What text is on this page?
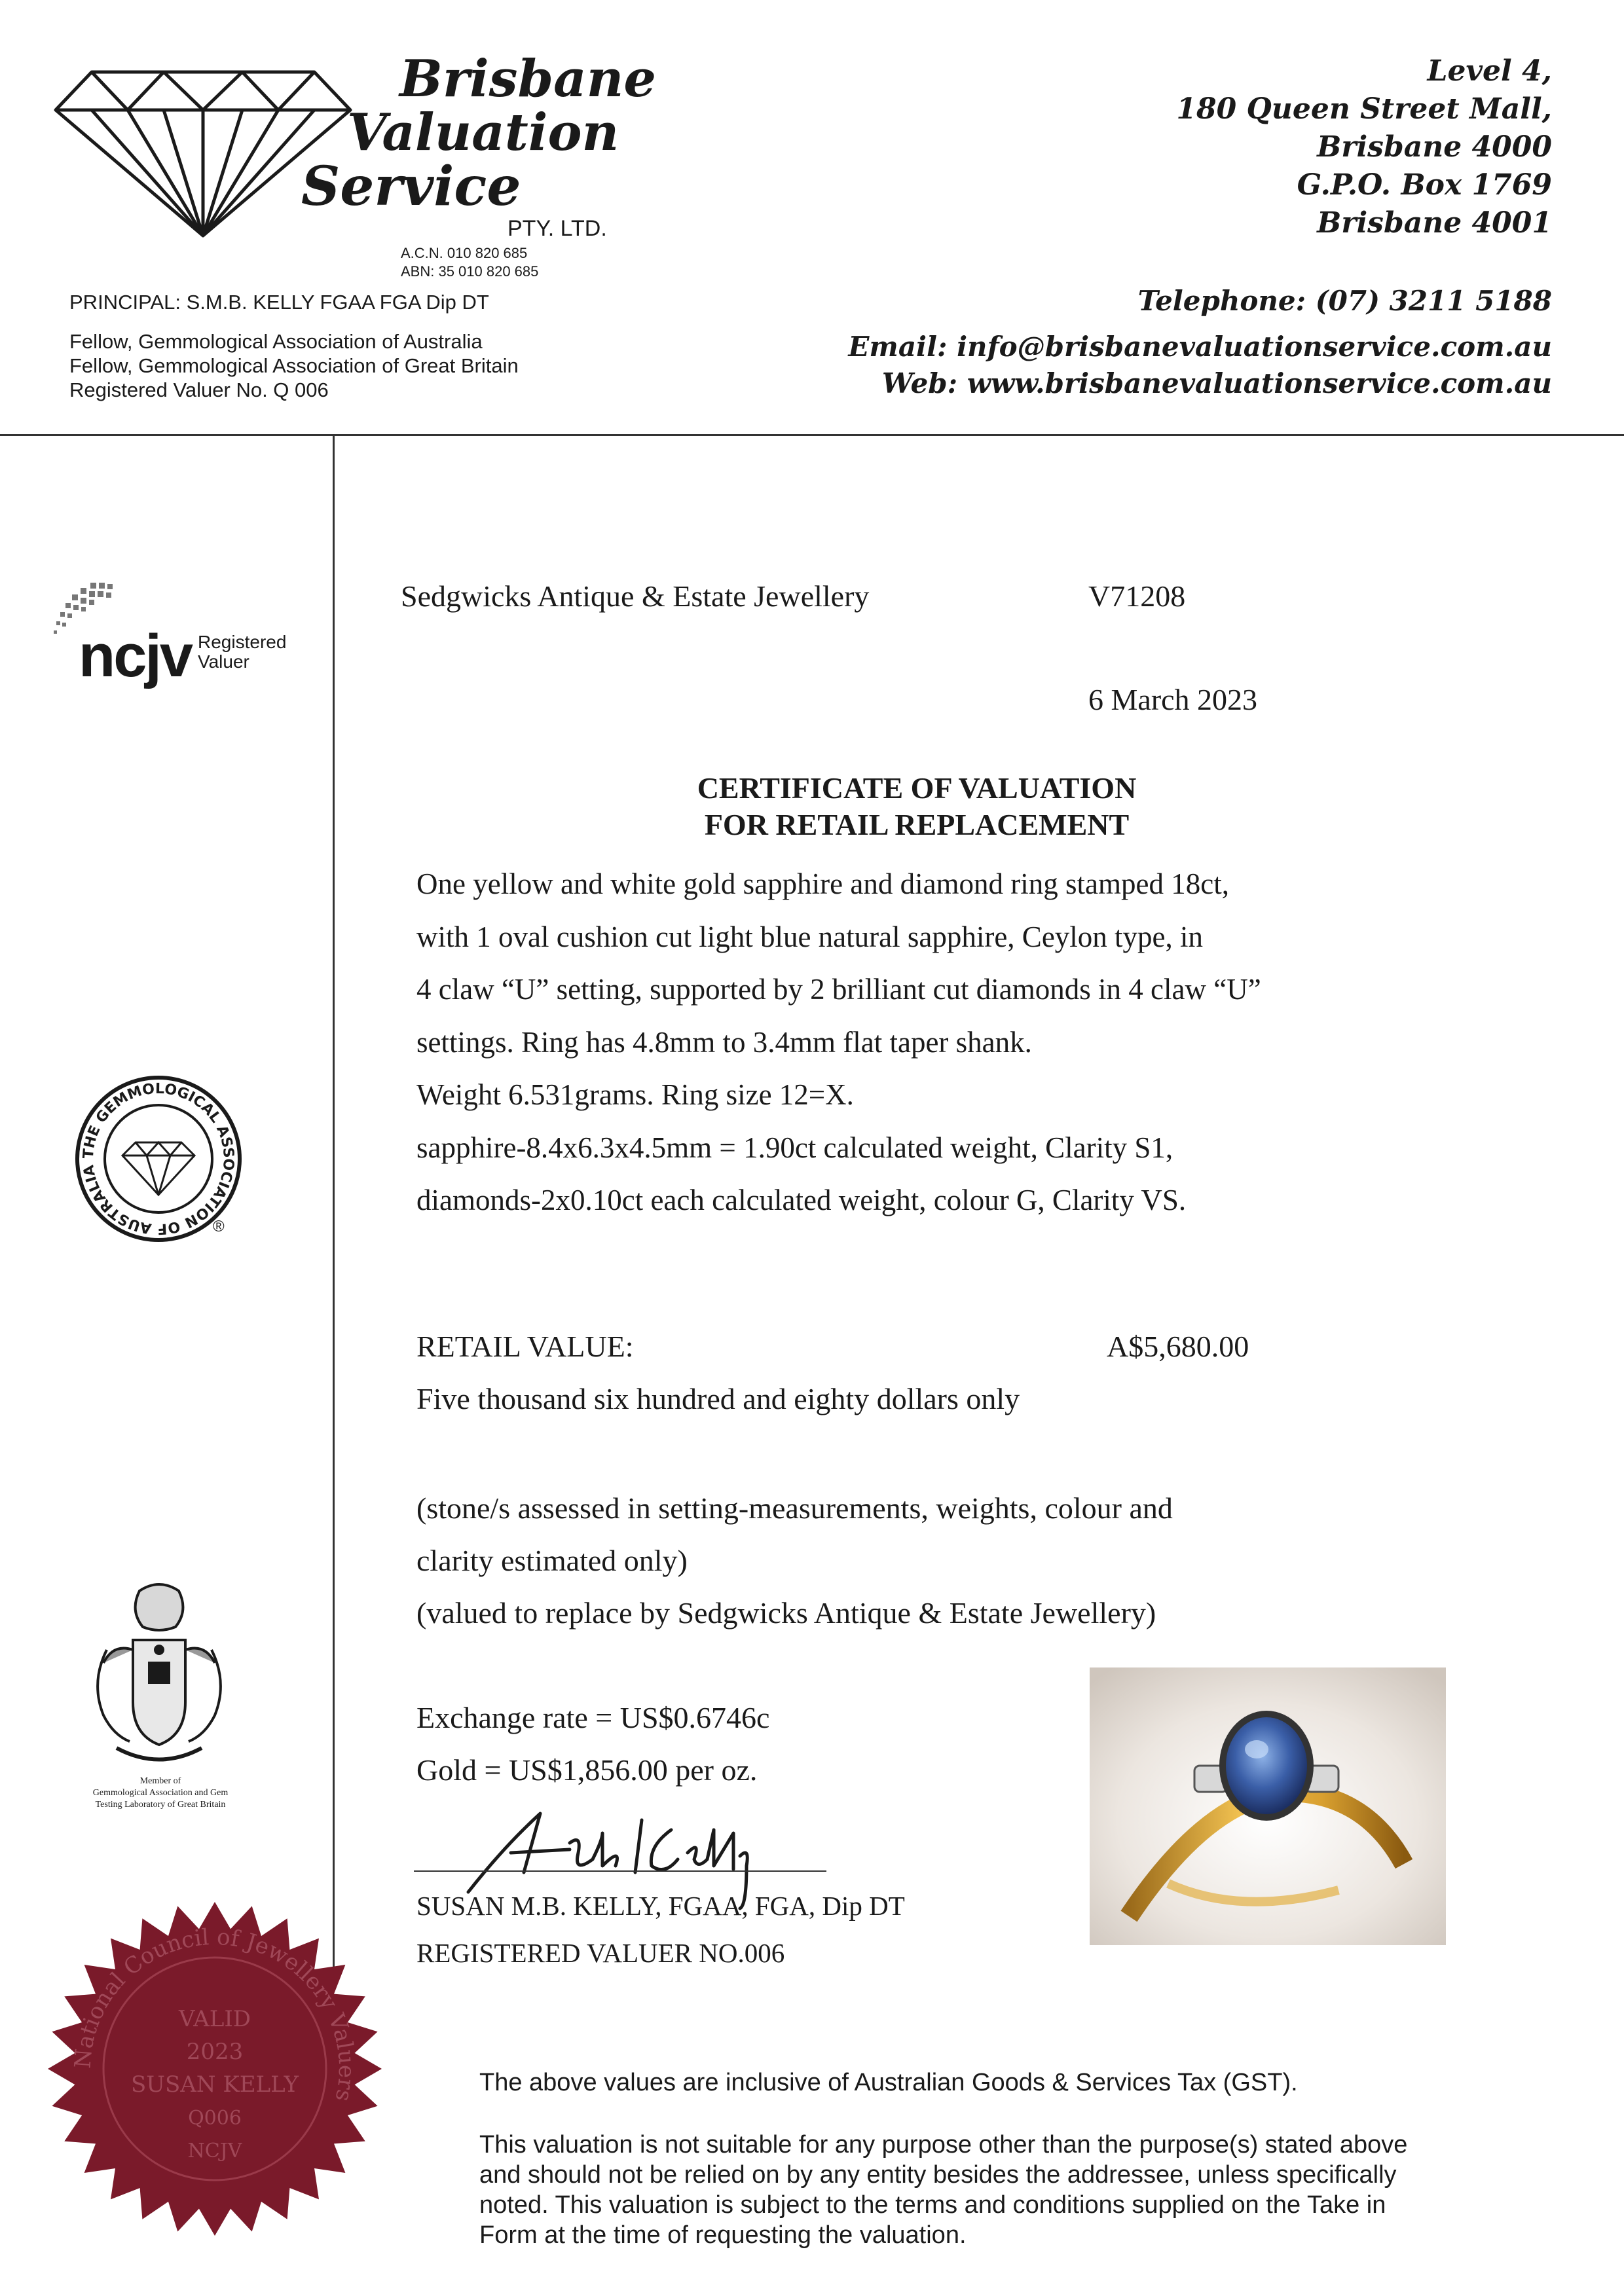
Brisbane
Valuation
Service
PTY. LTD.
A.C.N. 010 820 685
ABN: 35 010 820 685
PRINCIPAL: S.M.B. KELLY FGAA FGA Dip DT
Fellow, Gemmological Association of Australia
Fellow, Gemmological Association of Great Britain
Registered Valuer No. Q 006
Level 4,
180 Queen Street Mall,
Brisbane 4000
G.P.O. Box 1769
Brisbane 4001
Telephone: (07) 3211 5188
Email: info@brisbanevaluationservice.com.au
Web: www.brisbanevaluationservice.com.au
ncjv Registered
Valuer
THE GEMMOLOGICAL ASSOCIATION OF AUSTRALIA
®
Member of
Gemmological Association and Gem
Testing Laboratory of Great Britain
National Council of Jewellery Valuers
VALID
2023
SUSAN KELLY
Q006
NCJV
Sedgwicks Antique & Estate Jewellery	V71208
6 March 2023
CERTIFICATE OF VALUATION
FOR RETAIL REPLACEMENT
One yellow and white gold sapphire and diamond ring stamped 18ct,
with 1 oval cushion cut light blue natural sapphire, Ceylon type, in
4 claw “U” setting, supported by 2 brilliant cut diamonds in 4 claw “U”
settings. Ring has 4.8mm to 3.4mm flat taper shank.
Weight 6.531grams. Ring size 12=X.
sapphire-8.4x6.3x4.5mm = 1.90ct calculated weight, Clarity S1,
diamonds-2x0.10ct each calculated weight, colour G, Clarity VS.
RETAIL VALUE:	A$5,680.00
Five thousand six hundred and eighty dollars only
(stone/s assessed in setting-measurements, weights, colour and
clarity estimated only)
(valued to replace by Sedgwicks Antique & Estate Jewellery)
Exchange rate = US$0.6746c
Gold = US$1,856.00 per oz.
SUSAN M.B. KELLY, FGAA, FGA, Dip DT
REGISTERED VALUER NO.006
The above values are inclusive of Australian Goods & Services Tax (GST).
This valuation is not suitable for any purpose other than the purpose(s) stated above
and should not be relied on by any entity besides the addressee, unless specifically
noted. This valuation is subject to the terms and conditions supplied on the Take in
Form at the time of requesting the valuation.
